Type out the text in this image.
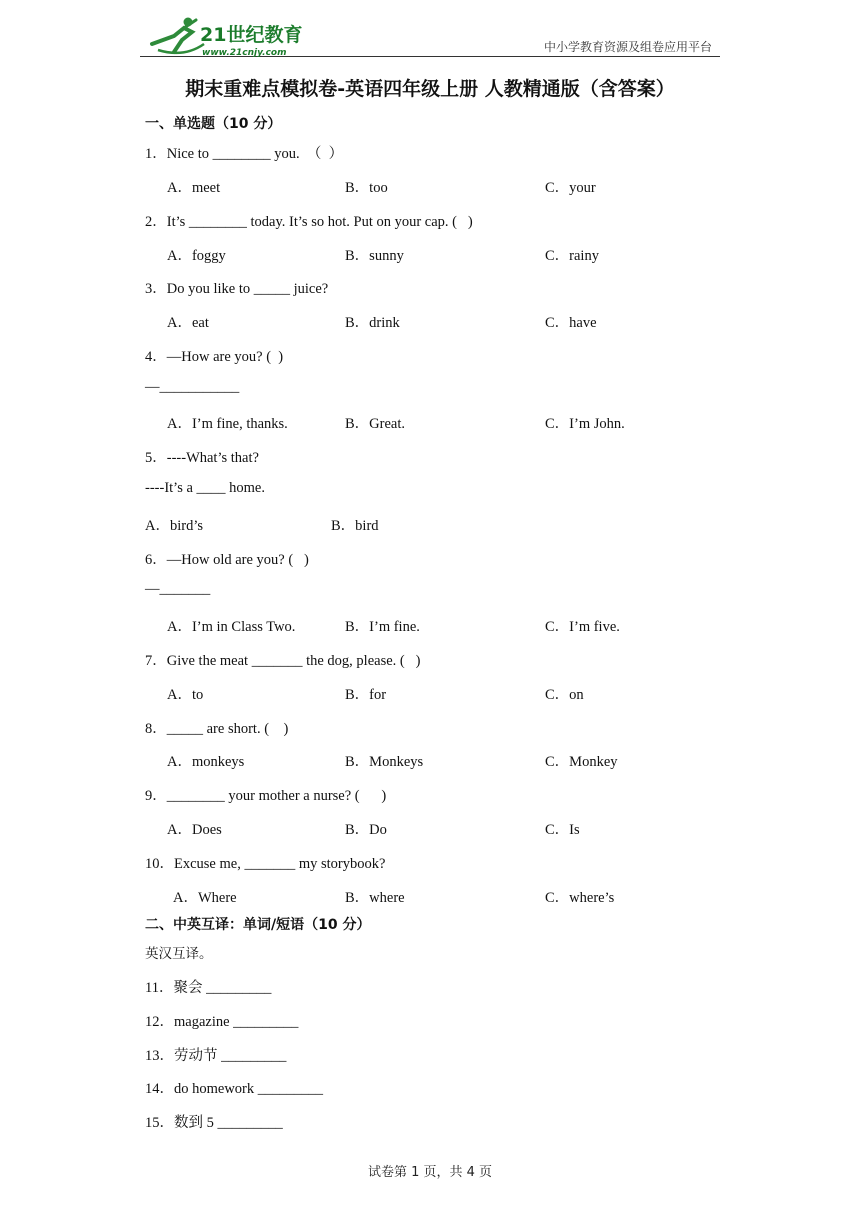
21世纪教育
www.21cnjy.com	中小学教育资源及组卷应用平台
期末重难点模拟卷-英语四年级上册 人教精通版（含答案）
一、单选题（10 分）
1．Nice to ________ you.  （  ）
A．meet	B．too	C．your
2．It’s ________ today. It’s so hot. Put on your cap. (   )
A．foggy	B．sunny	C．rainy
3．Do you like to _____ juice?
A．eat	B．drink	C．have
4．—How are you? (  )
—___________
A．I’m fine, thanks.	B．Great.	C．I’m John.
5．----What’s that?
----It’s a ____ home.
A．bird’s	B．bird
6．—How old are you? (   )
—_______
A．I’m in Class Two.	B．I’m fine.	C．I’m five.
7．Give the meat _______ the dog, please. (   )
A．to	B．for	C．on
8．_____ are short. (    )
A．monkeys	B．Monkeys	C．Monkey
9．________ your mother a nurse? (      )
A．Does	B．Do	C．Is
10．Excuse me, _______ my storybook?
A．Where	B．where	C．where’s
二、中英互译：单词/短语（10 分）
英汉互译。
11．聚会 _________
12．magazine _________
13．劳动节 _________
14．do homework _________
15．数到 5 _________
试卷第 1 页，共 4 页
